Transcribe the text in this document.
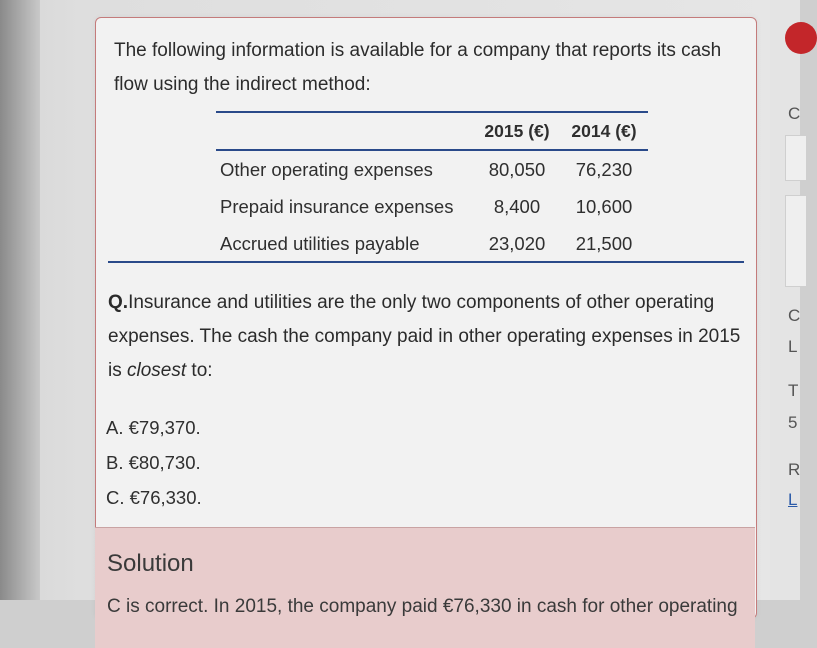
The following information is available for a company that reports its cash flow using the indirect method:

	2015 (€)	2014 (€)
Other operating expenses	80,050	76,230
Prepaid insurance expenses	8,400	10,600
Accrued utilities payable	23,020	21,500

Q.Insurance and utilities are the only two components of other operating expenses. The cash the company paid in other operating expenses in 2015 is closest to:

A. €79,370.
B. €80,730.
C. €76,330.
Solution
C is correct. In 2015, the company paid €76,330 in cash for other operating
C
C
L
T
5
R
L
